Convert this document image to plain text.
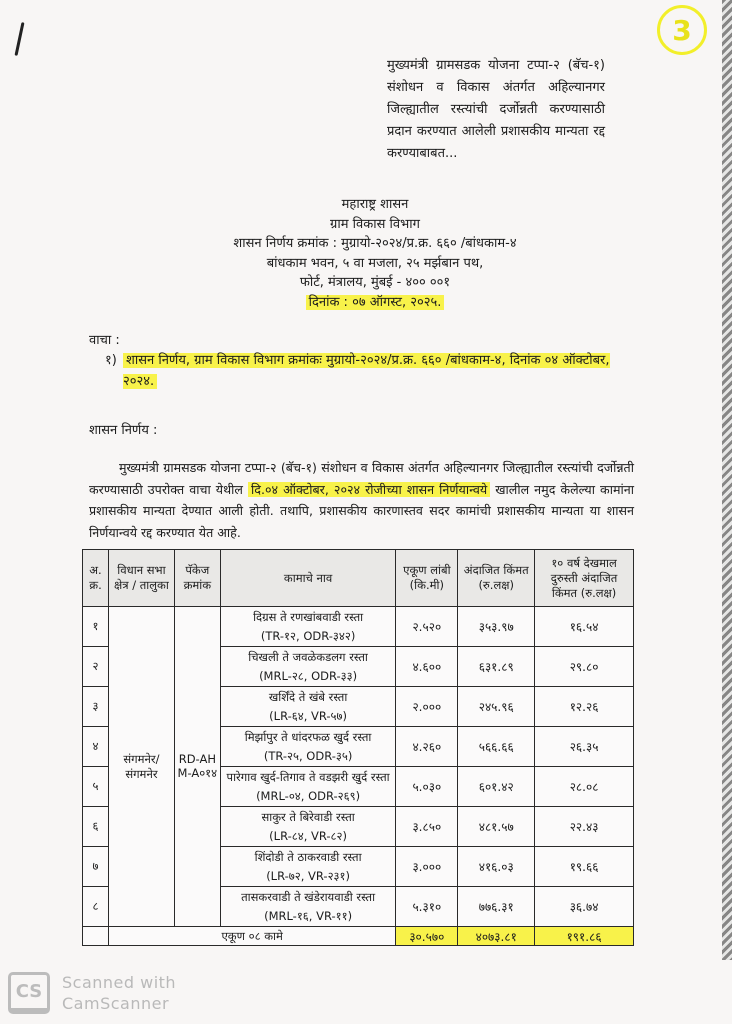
3
मुख्यमंत्री ग्रामसडक योजना टप्पा-२ (बॅच-१) संशोधन व विकास अंतर्गत अहिल्यानगर जिल्ह्यातील रस्त्यांची दर्जोन्नती करण्यासाठी प्रदान करण्यात आलेली प्रशासकीय मान्यता रद्द करण्याबाबत...
महाराष्ट्र शासन
ग्राम विकास विभाग
शासन निर्णय क्रमांक : मुग्रायो-२०२४/प्र.क्र. ६६० /बांधकाम-४
बांधकाम भवन, ५ वा मजला, २५ मर्झबान पथ,
फोर्ट, मंत्रालय, मुंबई - ४०० ००१
दिनांक : ०७ ऑगस्ट, २०२५.
वाचा :
१) शासन निर्णय, ग्राम विकास विभाग क्रमांकः मुग्रायो-२०२४/प्र.क्र. ६६० /बांधकाम-४, दिनांक ०४ ऑक्टोबर, २०२४.
शासन निर्णय :
मुख्यमंत्री ग्रामसडक योजना टप्पा-२ (बॅच-१) संशोधन व विकास अंतर्गत अहिल्यानगर जिल्ह्यातील रस्त्यांची दर्जोन्नती करण्यासाठी उपरोक्त वाचा येथील दि.०४ ऑक्टोबर, २०२४ रोजीच्या शासन निर्णयान्वये खालील नमुद केलेल्या कामांना प्रशासकीय मान्यता देण्यात आली होती. तथापि, प्रशासकीय कारणास्तव सदर कामांची प्रशासकीय मान्यता या शासन निर्णयान्वये रद्द करण्यात येत आहे.
अ. क्र.	विधान सभा क्षेत्र / तालुका	पॅकेज क्रमांक	कामाचे नाव	एकूण लांबी (कि.मी)	अंदाजित किंमत (रु.लक्ष)	१० वर्ष देखमाल दुरुस्ती अंदाजित किंमत (रु.लक्ष)
१	संगमनेर/ संगमनेर	RD-AHM-A०१४	दिग्रस ते रणखांबवाडी रस्ता
(TR-१२, ODR-३४२)	२.५२०	३५३.९७	१६.५४
२			चिखली ते जवळेकडलग रस्ता
(MRL-२८, ODR-३३)	४.६००	६३१.८९	२९.८०
३			खर्शिंदे ते खंबे रस्ता
(LR-६४, VR-५७)	२.०००	२४५.९६	१२.२६
४			मिर्झापुर ते धांदरफळ खुर्द रस्ता
(TR-२५, ODR-३५)	४.२६०	५६६.६६	२६.३५
५			पारेगाव खुर्द-तिगाव ते वडझरी खुर्द रस्ता
(MRL-०४, ODR-२६९)	५.०३०	६०१.४२	२८.०८
६			साकुर ते बिरेवाडी रस्ता
(LR-८४, VR-८२)	३.८५०	४८१.५७	२२.४३
७			शिंदोडी ते ठाकरवाडी रस्ता
(LR-७२, VR-२३१)	३.०००	४१६.०३	१९.६६
८			तासकरवाडी ते खंडेरायवाडी रस्ता
(MRL-१६, VR-११)	५.३१०	७७६.३१	३६.७४
	एकूण ०८ कामे			३०.५७०	४०७३.८१	१९१.८६
CS	Scanned with
CamScanner
